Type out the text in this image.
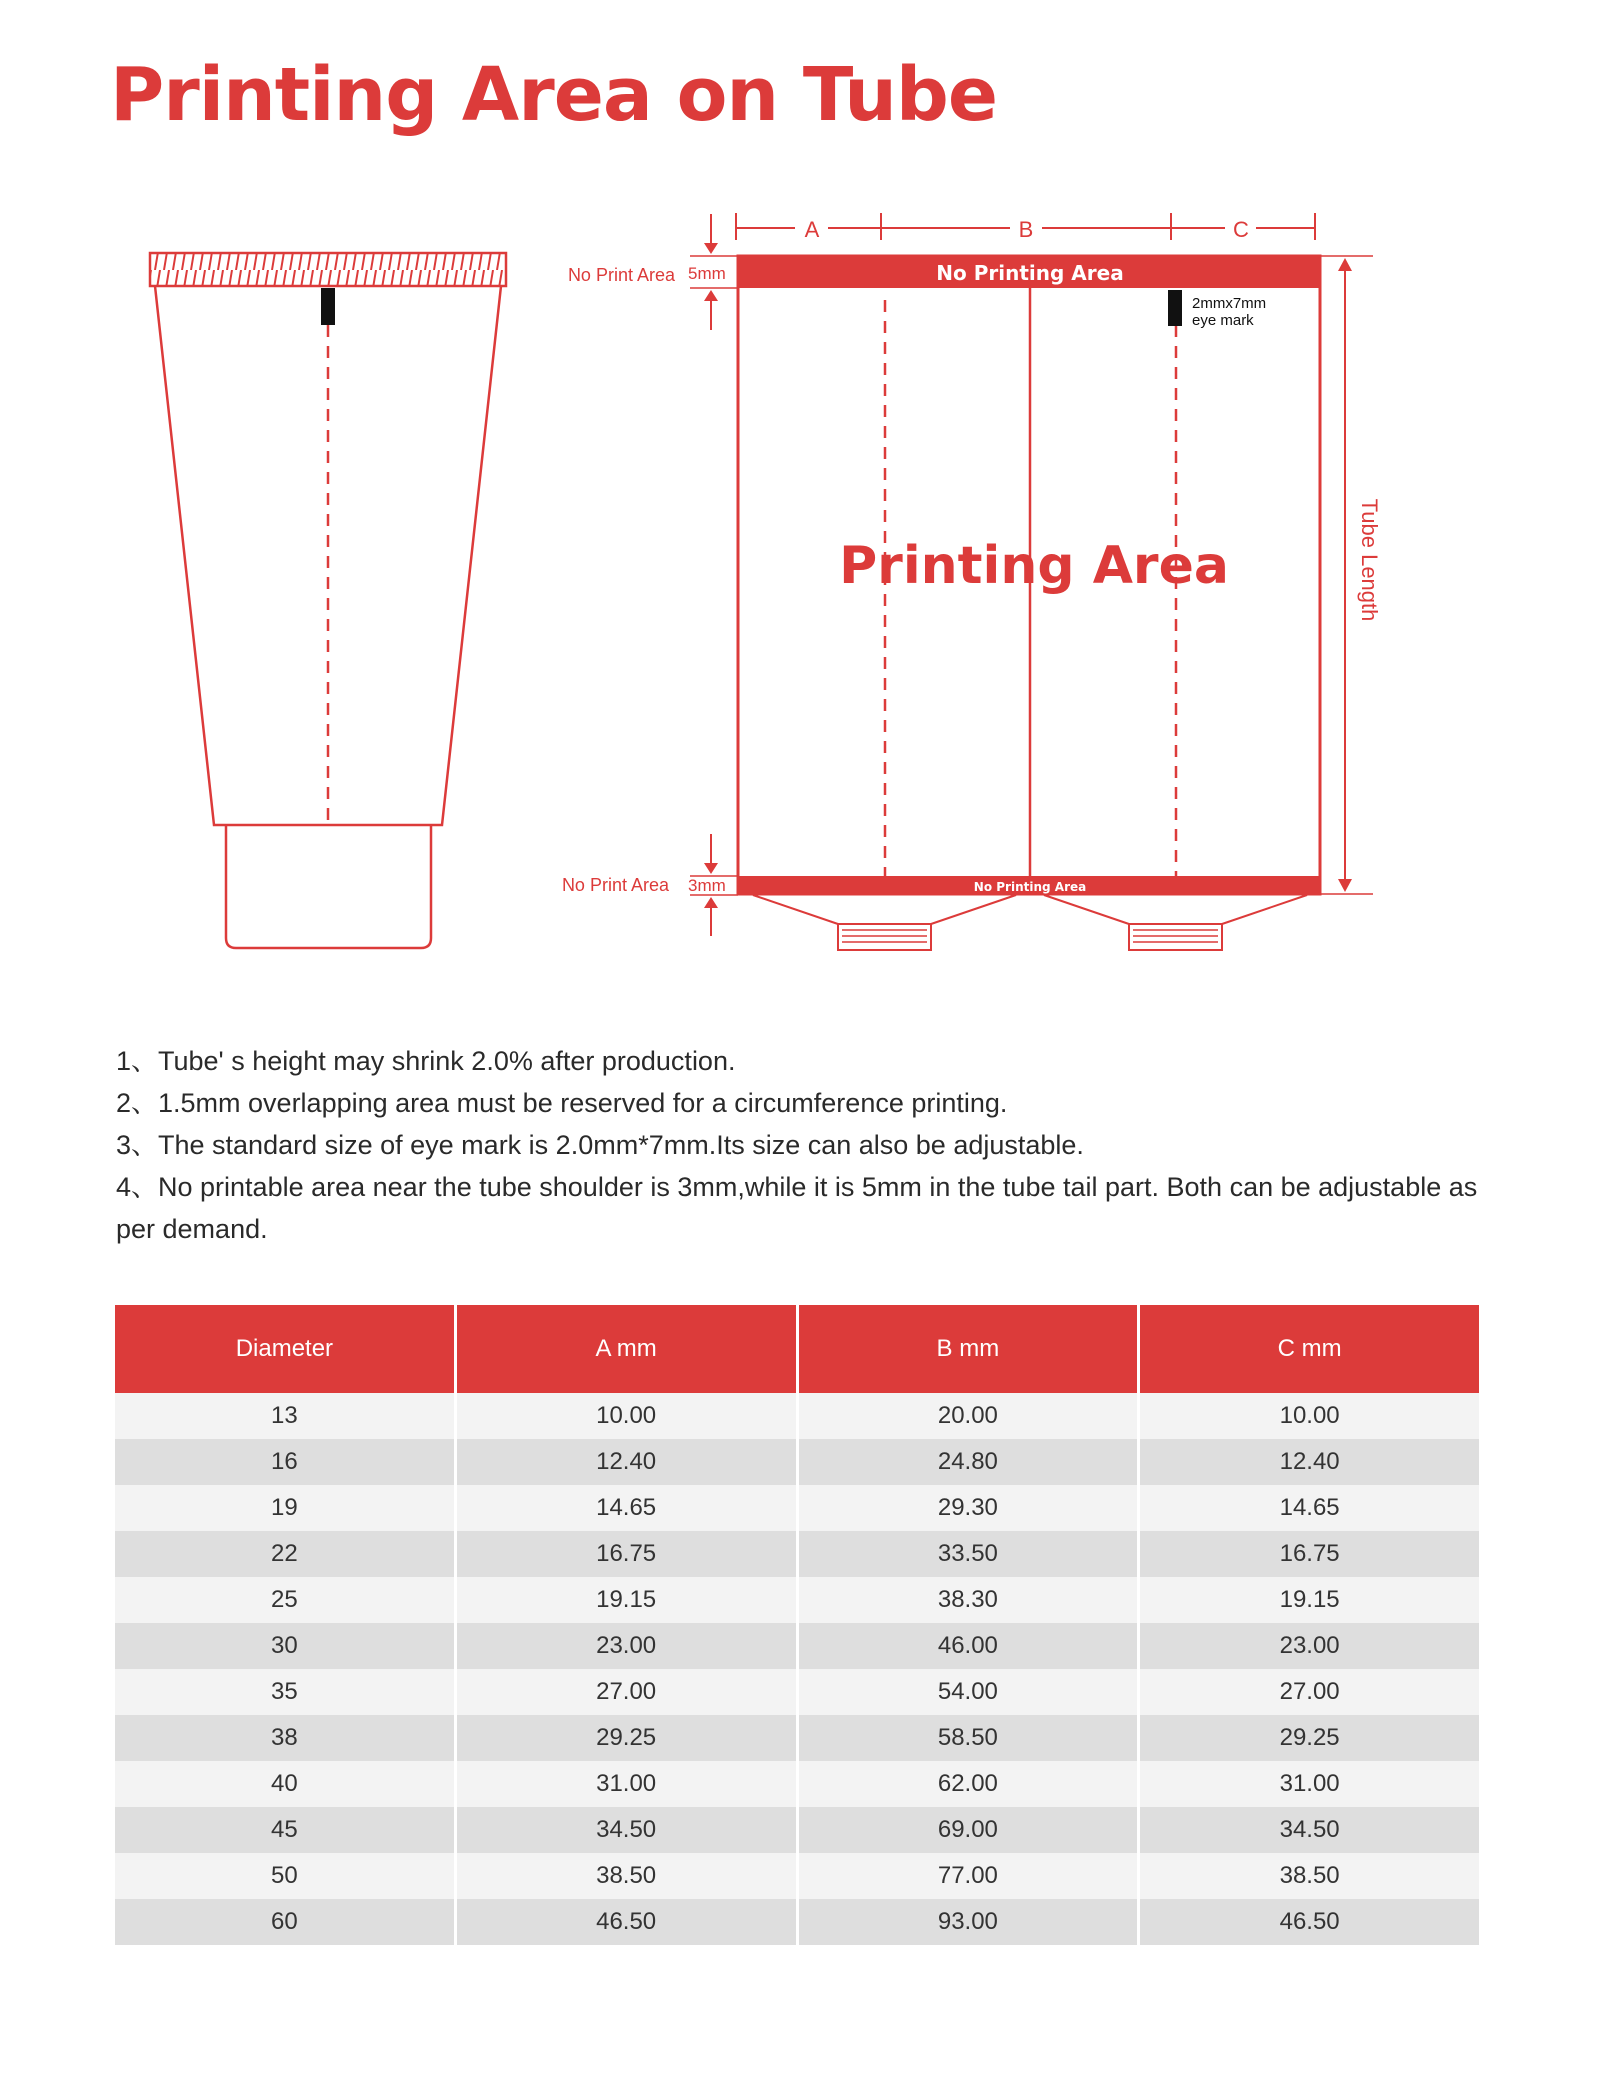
Printing Area on Tube
A	B	C
No Printing Area
No Printing Area
2mmx7mm
eye mark
Printing Area
No Print Area 5mm
No Print Area 3mm
Tube Length

1、Tube' s height may shrink 2.0% after production.

2、1.5mm overlapping area must be reserved for a circumference printing.

3、The standard size of eye mark is 2.0mm*7mm.Its size can also be adjustable.

4、No printable area near the tube shoulder is 3mm,while it is 5mm in the tube tail part. Both can be adjustable as per demand.

Diameter	A mm	B mm	C mm
13	10.00	20.00	10.00
16	12.40	24.80	12.40
19	14.65	29.30	14.65
22	16.75	33.50	16.75
25	19.15	38.30	19.15
30	23.00	46.00	23.00
35	27.00	54.00	27.00
38	29.25	58.50	29.25
40	31.00	62.00	31.00
45	34.50	69.00	34.50
50	38.50	77.00	38.50
60	46.50	93.00	46.50
